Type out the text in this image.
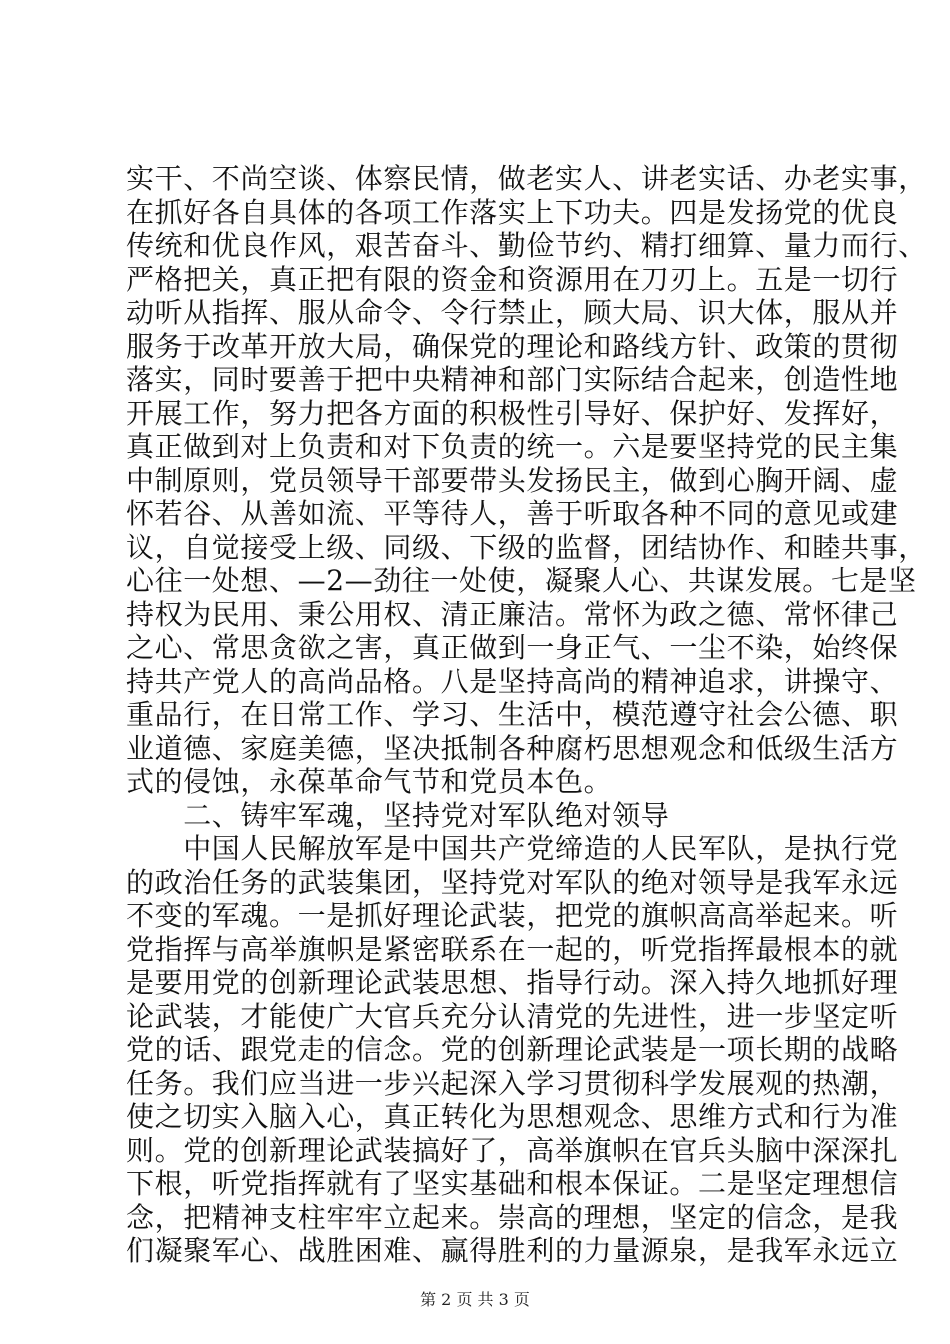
实干、不尚空谈、体察民情，做老实人、讲老实话、办老实事，
在抓好各自具体的各项工作落实上下功夫。四是发扬党的优良
传统和优良作风，艰苦奋斗、勤俭节约、精打细算、量力而行、
严格把关，真正把有限的资金和资源用在刀刃上。五是一切行
动听从指挥、服从命令、令行禁止，顾大局、识大体，服从并
服务于改革开放大局，确保党的理论和路线方针、政策的贯彻
落实，同时要善于把中央精神和部门实际结合起来，创造性地
开展工作，努力把各方面的积极性引导好、保护好、发挥好，
真正做到对上负责和对下负责的统一。六是要坚持党的民主集
中制原则，党员领导干部要带头发扬民主，做到心胸开阔、虚
怀若谷、从善如流、平等待人，善于听取各种不同的意见或建
议，自觉接受上级、同级、下级的监督，团结协作、和睦共事，
心往一处想、—2—劲往一处使，凝聚人心、共谋发展。七是坚
持权为民用、秉公用权、清正廉洁。常怀为政之德、常怀律己
之心、常思贪欲之害，真正做到一身正气、一尘不染，始终保
持共产党人的高尚品格。八是坚持高尚的精神追求，讲操守、
重品行，在日常工作、学习、生活中，模范遵守社会公德、职
业道德、家庭美德，坚决抵制各种腐朽思想观念和低级生活方
式的侵蚀，永葆革命气节和党员本色。
　　二、铸牢军魂，坚持党对军队绝对领导
　　中国人民解放军是中国共产党缔造的人民军队，是执行党
的政治任务的武装集团，坚持党对军队的绝对领导是我军永远
不变的军魂。一是抓好理论武装，把党的旗帜高高举起来。听
党指挥与高举旗帜是紧密联系在一起的，听党指挥最根本的就
是要用党的创新理论武装思想、指导行动。深入持久地抓好理
论武装，才能使广大官兵充分认清党的先进性，进一步坚定听
党的话、跟党走的信念。党的创新理论武装是一项长期的战略
任务。我们应当进一步兴起深入学习贯彻科学发展观的热潮，
使之切实入脑入心，真正转化为思想观念、思维方式和行为准
则。党的创新理论武装搞好了，高举旗帜在官兵头脑中深深扎
下根，听党指挥就有了坚实基础和根本保证。二是坚定理想信
念，把精神支柱牢牢立起来。崇高的理想，坚定的信念，是我
们凝聚军心、战胜困难、赢得胜利的力量源泉，是我军永远立
第 2 页 共 3 页
